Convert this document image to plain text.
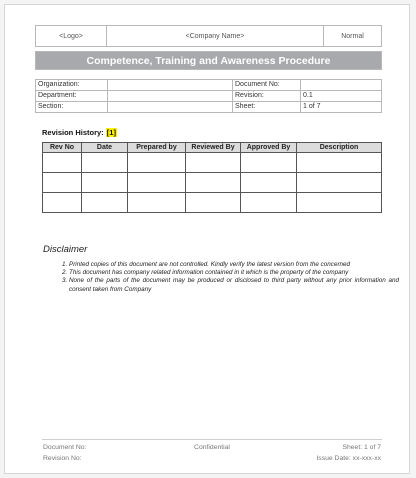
<Logo>	<Company Name>	Normal
Competence, Training and Awareness Procedure
Organization:		Document No:	
Department:		Revision:	0.1
Section:		Sheet:	1 of 7
Revision History: [1]
Rev No	Date	Prepared by	Reviewed By	Approved By	Description

Disclaimer
1. Printed copies of this document are not controlled. Kindly verify the latest version from the concerned
2. This document has company related information contained in it which is the property of the company
3. None of the parts of the document may be produced or disclosed to third party without any prior information and consent taken from Company
Document No:	Confidential	Sheet: 1 of 7
Revision No:	Issue Date: xx-xxx-xx
